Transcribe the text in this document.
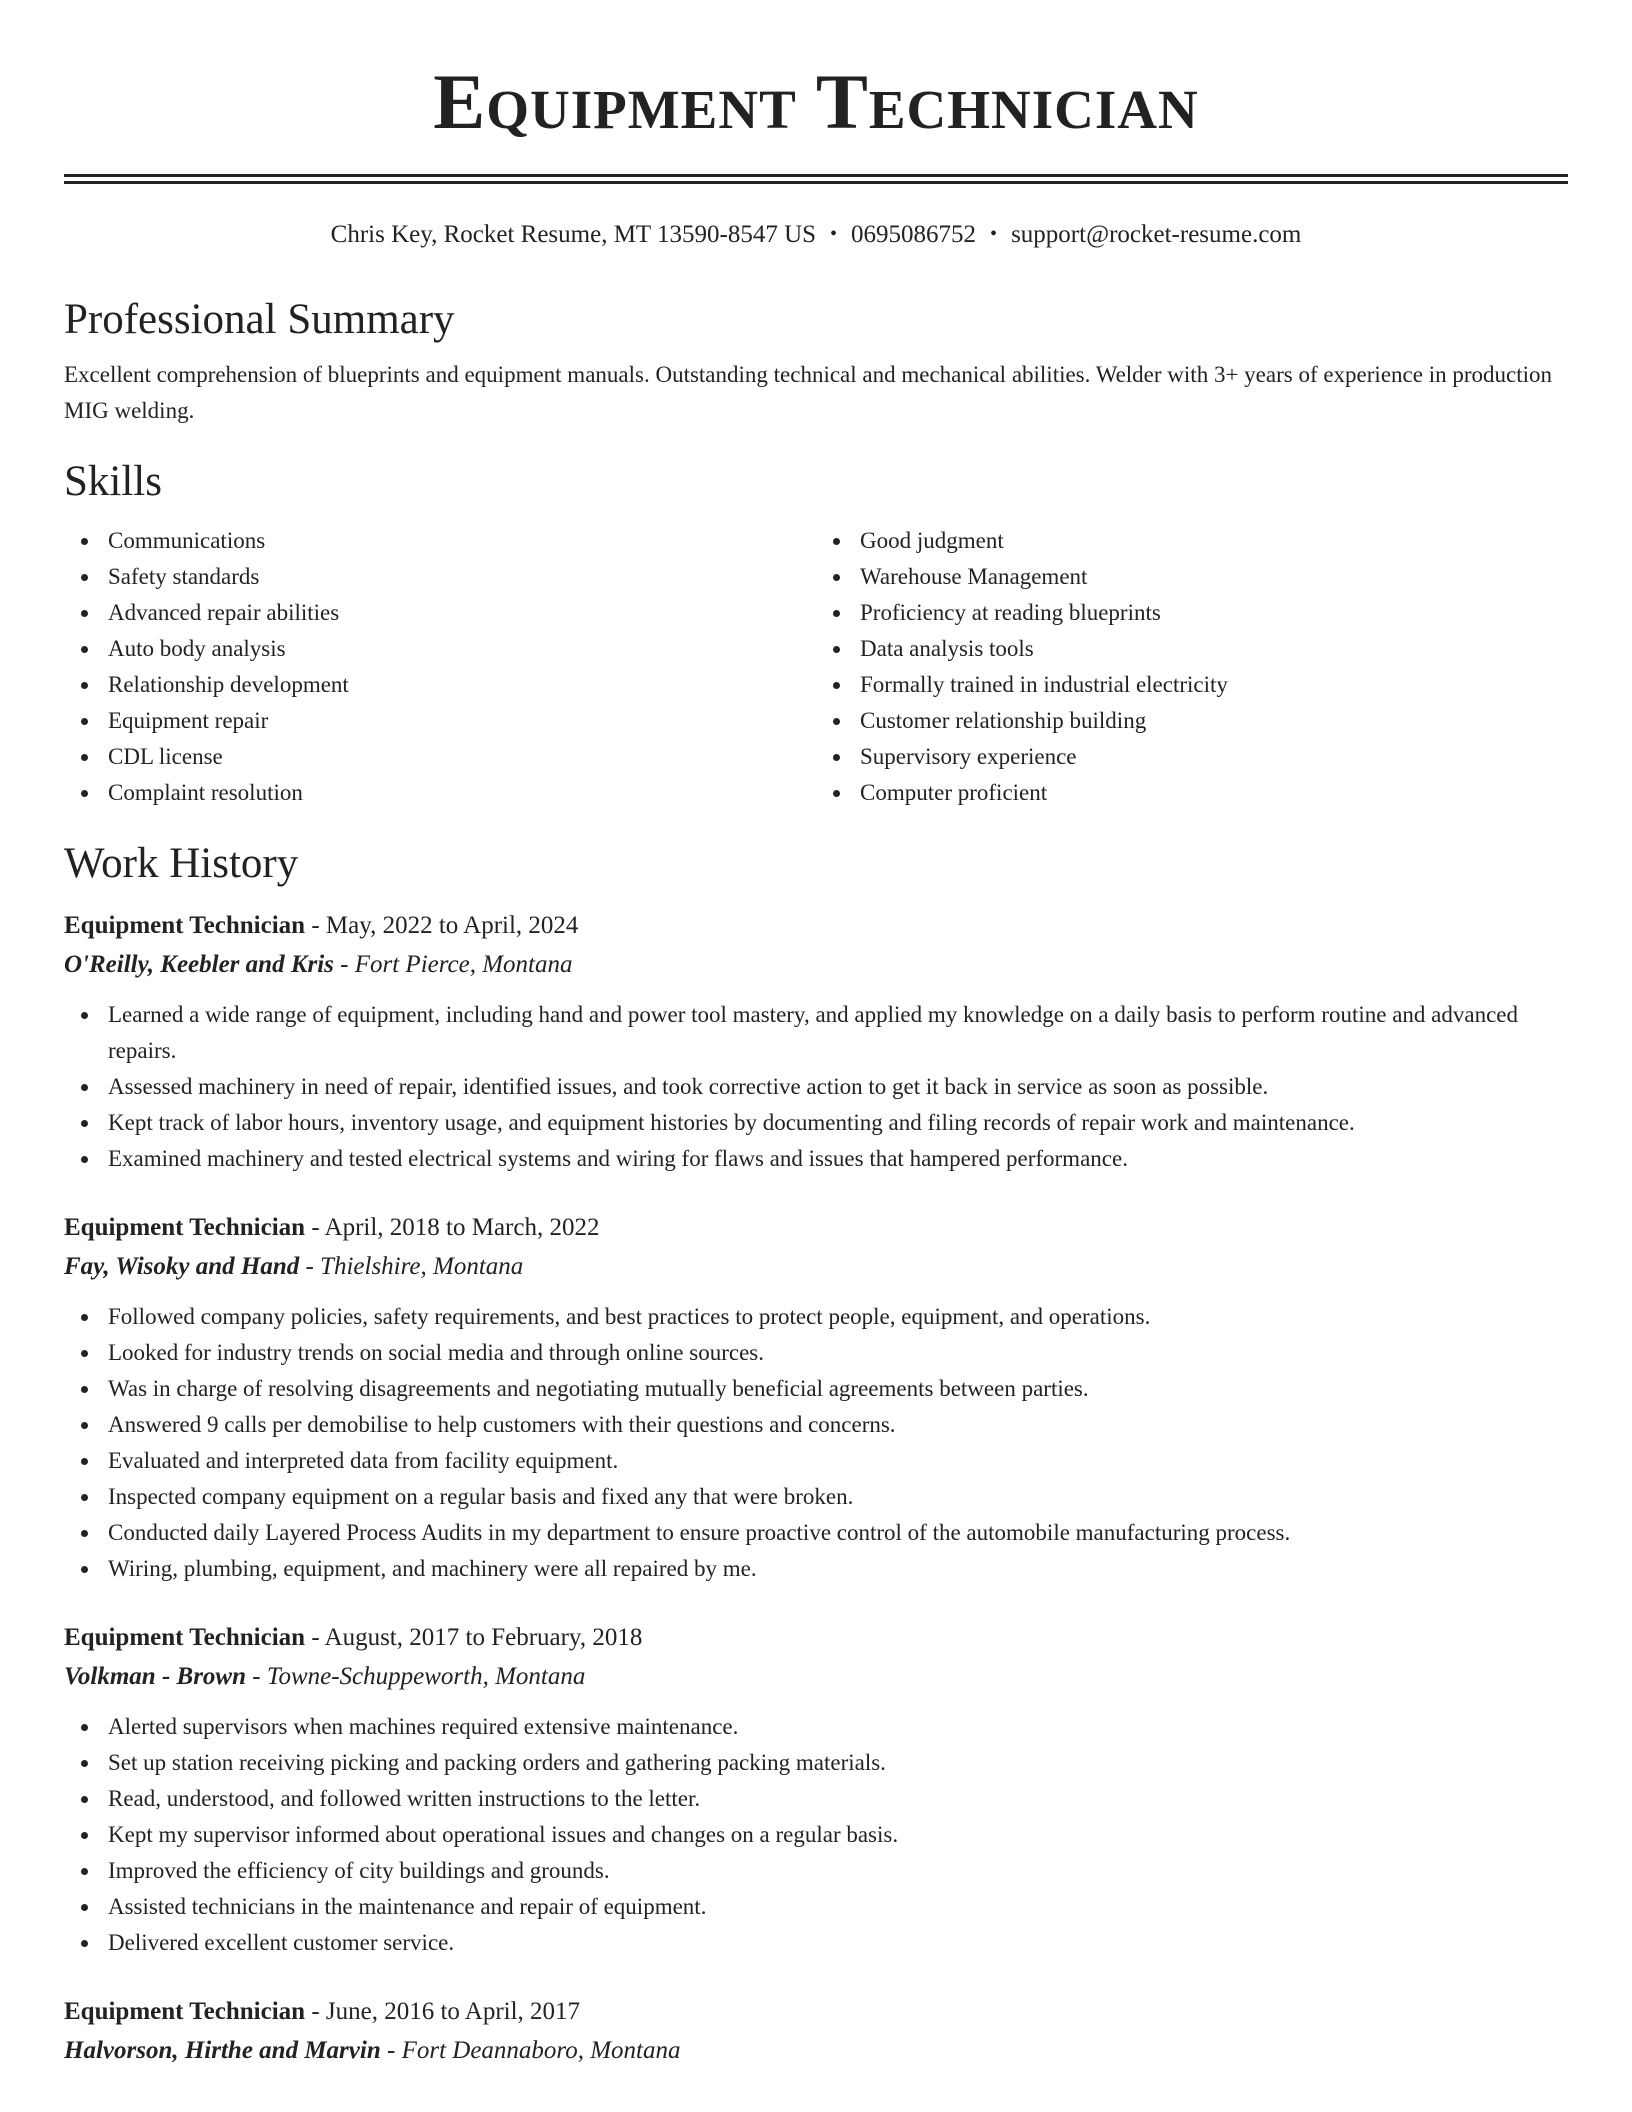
Equipment Technician
Chris Key, Rocket Resume, MT 13590-8547 US • 0695086752 • support@rocket-resume.com
Professional Summary
Excellent comprehension of blueprints and equipment manuals. Outstanding technical and mechanical abilities. Welder with 3+ years of experience in production MIG welding.
Skills
Communications
Safety standards
Advanced repair abilities
Auto body analysis
Relationship development
Equipment repair
CDL license
Complaint resolution
Good judgment
Warehouse Management
Proficiency at reading blueprints
Data analysis tools
Formally trained in industrial electricity
Customer relationship building
Supervisory experience
Computer proficient
Work History
Equipment Technician - May, 2022 to April, 2024
O'Reilly, Keebler and Kris - Fort Pierce, Montana
Learned a wide range of equipment, including hand and power tool mastery, and applied my knowledge on a daily basis to perform routine and advanced repairs.
Assessed machinery in need of repair, identified issues, and took corrective action to get it back in service as soon as possible.
Kept track of labor hours, inventory usage, and equipment histories by documenting and filing records of repair work and maintenance.
Examined machinery and tested electrical systems and wiring for flaws and issues that hampered performance.
Equipment Technician - April, 2018 to March, 2022
Fay, Wisoky and Hand - Thielshire, Montana
Followed company policies, safety requirements, and best practices to protect people, equipment, and operations.
Looked for industry trends on social media and through online sources.
Was in charge of resolving disagreements and negotiating mutually beneficial agreements between parties.
Answered 9 calls per demobilise to help customers with their questions and concerns.
Evaluated and interpreted data from facility equipment.
Inspected company equipment on a regular basis and fixed any that were broken.
Conducted daily Layered Process Audits in my department to ensure proactive control of the automobile manufacturing process.
Wiring, plumbing, equipment, and machinery were all repaired by me.
Equipment Technician - August, 2017 to February, 2018
Volkman - Brown - Towne-Schuppeworth, Montana
Alerted supervisors when machines required extensive maintenance.
Set up station receiving picking and packing orders and gathering packing materials.
Read, understood, and followed written instructions to the letter.
Kept my supervisor informed about operational issues and changes on a regular basis.
Improved the efficiency of city buildings and grounds.
Assisted technicians in the maintenance and repair of equipment.
Delivered excellent customer service.
Equipment Technician - June, 2016 to April, 2017
Halvorson, Hirthe and Marvin - Fort Deannaboro, Montana
